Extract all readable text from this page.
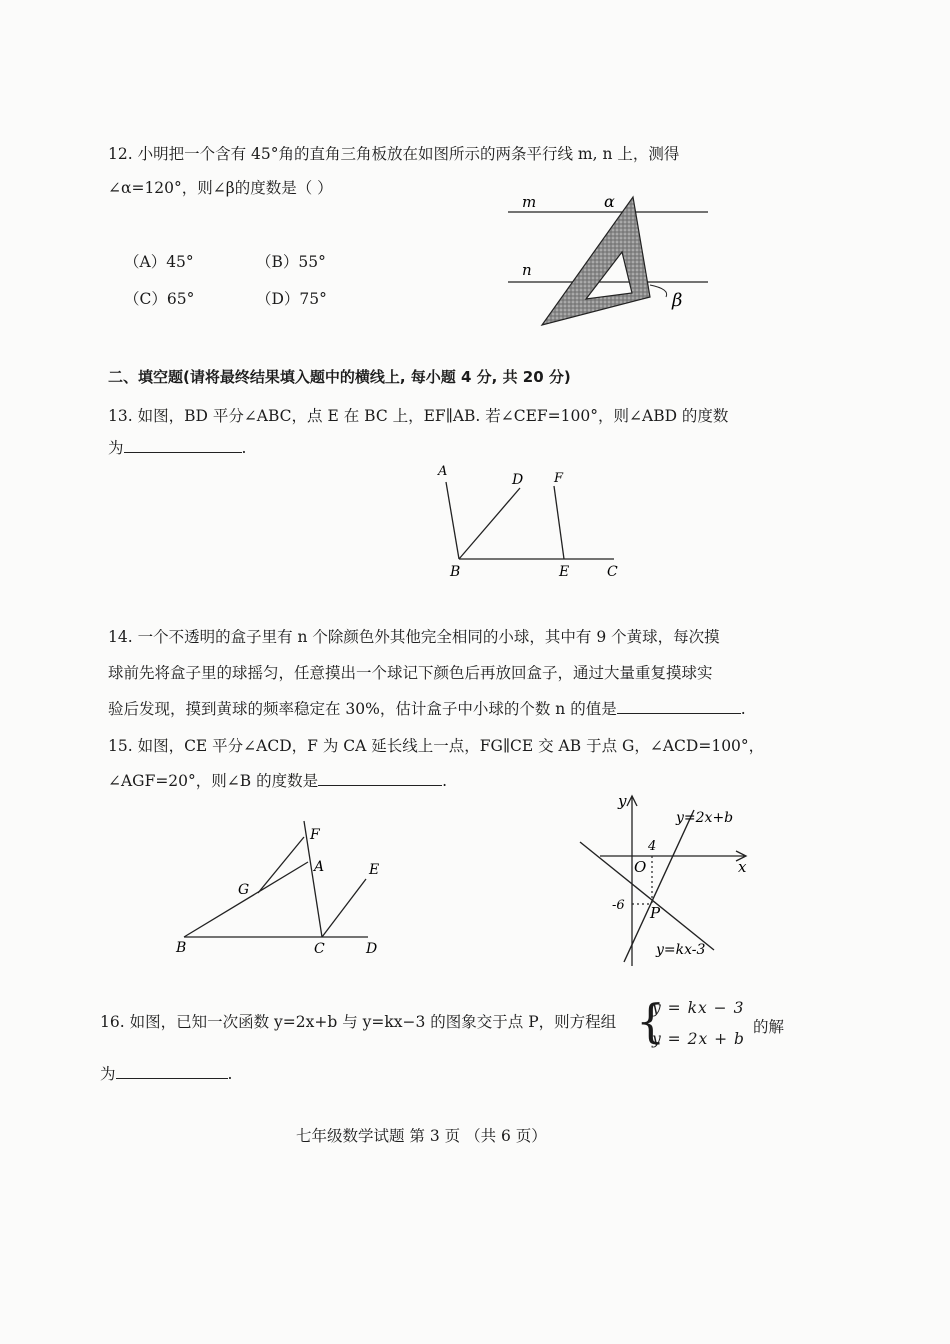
12. 小明把一个含有 45°角的直角三角板放在如图所示的两条平行线 m, n 上，测得
∠α=120°，则∠β的度数是（ ）
（A）45°	（B）55°
（C）65°	（D）75°
m	α
n
β
二、填空题(请将最终结果填入题中的横线上, 每小题 4 分, 共 20 分)
13. 如图，BD 平分∠ABC，点 E 在 BC 上，EF∥AB. 若∠CEF=100°，则∠ABD 的度数
为	.
A
D F
B	E	C
14. 一个不透明的盒子里有 n 个除颜色外其他完全相同的小球，其中有 9 个黄球，每次摸
球前先将盒子里的球摇匀，任意摸出一个球记下颜色后再放回盒子，通过大量重复摸球实
验后发现，摸到黄球的频率稳定在 30%，估计盒子中小球的个数 n 的值是	.
15. 如图，CE 平分∠ACD，F 为 CA 延长线上一点，FG∥CE 交 AB 于点 G，∠ACD=100°，
∠AGF=20°，则∠B 的度数是	.
F
A	E
G
B	C	D
y
x
O
4
-6 P
y=2x+b
y=kx-3
16. 如图，已知一次函数 y=2x+b 与 y=kx−3 的图象交于点 P，则方程组 {
y = kx − 3
y = 2x + b
的解
为	.
七年级数学试题 第 3 页 （共 6 页）
